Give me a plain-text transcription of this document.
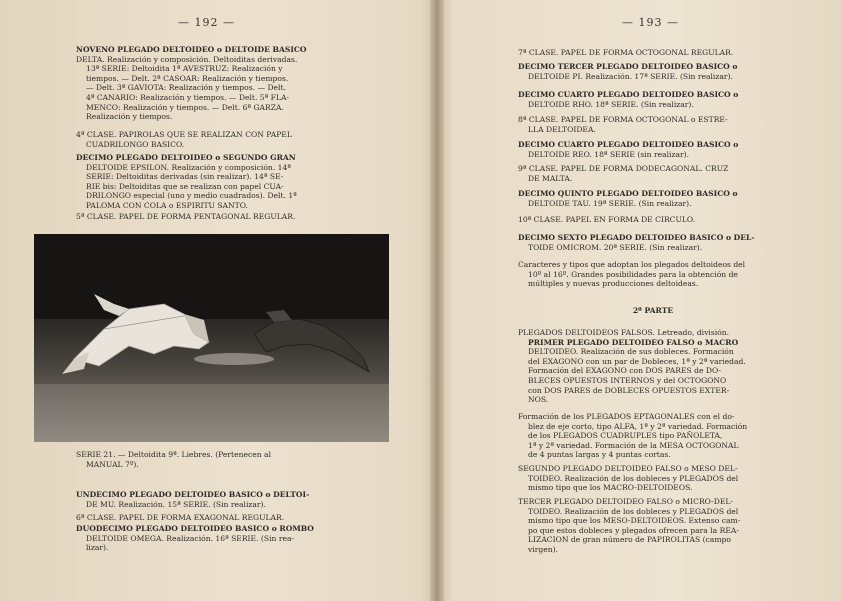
— 192 —

NOVENO PLEGADO DELTOIDEO o DELTOIDE BASICO
DELTA. Realización y composición. Deltoiditas derivadas.
13ª SERIE: Deltoidita 1ª AVESTRUZ: Realización y
tiempos. — Delt. 2ª CASOAR: Realización y tiempos.
— Delt. 3ª GAVIOTA: Realización y tiempos. — Delt.
4ª CANARIO: Realización y tiempos. — Delt. 5ª FLA-
MENCO: Realización y tiempos. — Delt. 6ª GARZA.
Realización y tiempos.

4ª CLASE. PAPIROLAS QUE SE REALIZAN CON PAPEL
CUADRILONGO BASICO.

DECIMO PLEGADO DELTOIDEO o SEGUNDO GRAN
DELTOIDE EPSILON. Realización y composición. 14ª
SERIE: Deltoiditas derivadas (sin realizar). 14ª SE-
RIE bis: Deltoiditas que se realizan con papel CUA-
DRILONGO especial (uno y medio cuadrados). Delt. 1ª
PALOMA CON COLA o ESPIRITU SANTO.

5ª CLASE. PAPEL DE FORMA PENTAGONAL REGULAR.

SERIE 21. — Deltoidita 9ª. Liebres. (Pertenecen al
MANUAL 7º).

UNDECIMO PLEGADO DELTOIDEO BASICO o DELTOI-
DE MU. Realización. 15ª SERIE. (Sin realizar).

6ª CLASE. PAPEL DE FORMA EXAGONAL REGULAR.

DUODECIMO PLEGADO DELTOIDEO BASICO o ROMBO
DELTOIDE OMEGA. Realización. 16ª SERIE. (Sin rea-
lizar).

— 193 —

7ª CLASE. PAPEL DE FORMA OCTOGONAL REGULAR.

DECIMO TERCER PLEGADO DELTOIDEO BASICO o
DELTOIDE PI. Realización. 17ª SERIE. (Sin realizar).

DECIMO CUARTO PLEGADO DELTOIDEO BASICO o
DELTOIDE RHO. 18ª SERIE. (Sin realizar).

8ª CLASE. PAPEL DE FORMA OCTOGONAL o ESTRE-
LLA DELTOIDEA.

DECIMO CUARTO PLEGADO DELTOIDEO BASICO o
DELTOIDE REO. 18ª SERIE (sin realizar).

9ª CLASE. PAPEL DE FORMA DODECAGONAL. CRUZ
DE MALTA.

DECIMO QUINTO PLEGADO DELTOIDEO BASICO o
DELTOIDE TAU. 19ª SERIE. (Sin realizar).

10ª CLASE. PAPEL EN FORMA DE CIRCULO.

DECIMO SEXTO PLEGADO DELTOIDEO BASICO o DEL-
TOIDE OMICROM. 20ª SERIE. (Sin realizar).

Caracteres y tipos que adoptan los plegados deltoideos del
10º al 16º. Grandes posibilidades para la obtención de
múltiples y nuevas producciones deltoideas.

2ª PARTE

PLEGADOS DELTOIDEOS FALSOS. Letreado, división.
PRIMER PLEGADO DELTOIDEO FALSO o MACRO
DELTOIDEO. Realización de sus dobleces. Formación
del EXAGONO con un par de Dobleces, 1ª y 2ª variedad.
Formación del EXAGONO con DOS PARES de DO-
BLECES OPUESTOS INTERNOS y del OCTOGONO
con DOS PARES de DOBLECES OPUESTOS EXTER-
NOS.

Formación de los PLEGADOS EPTAGONALES con el do-
blez de eje corto, tipo ALFA, 1ª y 2ª variedad. Formación
de los PLEGADOS CUADRUPLES tipo PAÑOLETA,
1ª y 2ª variedad. Formación de la MESA OCTOGONAL
de 4 puntas largas y 4 puntas cortas.

SEGUNDO PLEGADO DELTOIDEO FALSO o MESO DEL-
TOIDEO. Realización de los dobleces y PLEGADOS del
mismo tipo que los MACRO-DELTOIDEOS.

TERCER PLEGADO DELTOIDEO FALSO o MICRO-DEL-
TOIDEO. Realización de los dobleces y PLEGADOS del
mismo tipo que los MESO-DELTOIDEOS. Extenso cam-
po que estos dobleces y plegados ofrecen para la REA-
LIZACION de gran número de PAPIROLITAS (campo
virgen).
